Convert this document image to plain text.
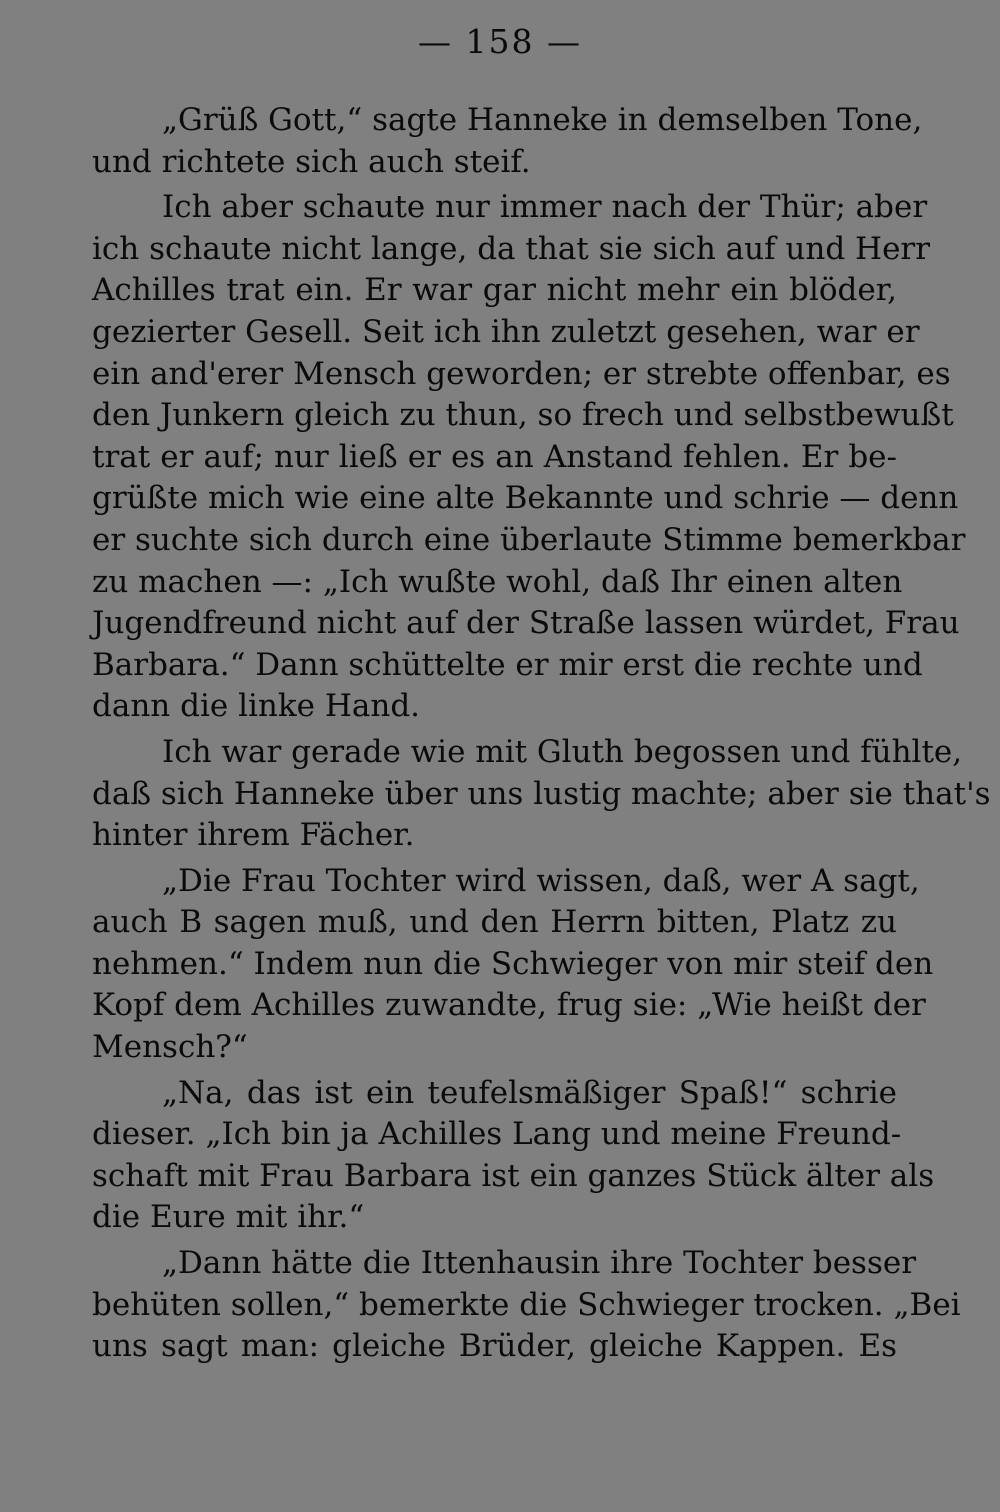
— 158 —
„Grüß Gott,“ sagte Hanneke in demselben Tone,
und richtete sich auch steif.
Ich aber schaute nur immer nach der Thür; aber
ich schaute nicht lange, da that sie sich auf und Herr
Achilles trat ein. Er war gar nicht mehr ein blöder,
gezierter Gesell. Seit ich ihn zuletzt gesehen, war er
ein and'erer Mensch geworden; er strebte offenbar, es
den Junkern gleich zu thun, so frech und selbstbewußt
trat er auf; nur ließ er es an Anstand fehlen. Er be-
grüßte mich wie eine alte Bekannte und schrie — denn
er suchte sich durch eine überlaute Stimme bemerkbar
zu machen —: „Ich wußte wohl, daß Ihr einen alten
Jugendfreund nicht auf der Straße lassen würdet, Frau
Barbara.“ Dann schüttelte er mir erst die rechte und
dann die linke Hand.
Ich war gerade wie mit Gluth begossen und fühlte,
daß sich Hanneke über uns lustig machte; aber sie that's
hinter ihrem Fächer.
„Die Frau Tochter wird wissen, daß, wer A sagt,
auch B sagen muß, und den Herrn bitten, Platz zu
nehmen.“ Indem nun die Schwieger von mir steif den
Kopf dem Achilles zuwandte, frug sie: „Wie heißt der
Mensch?“
„Na, das ist ein teufelsmäßiger Spaß!“ schrie
dieser. „Ich bin ja Achilles Lang und meine Freund-
schaft mit Frau Barbara ist ein ganzes Stück älter als
die Eure mit ihr.“
„Dann hätte die Ittenhausin ihre Tochter besser
behüten sollen,“ bemerkte die Schwieger trocken. „Bei
uns sagt man: gleiche Brüder, gleiche Kappen. Es
